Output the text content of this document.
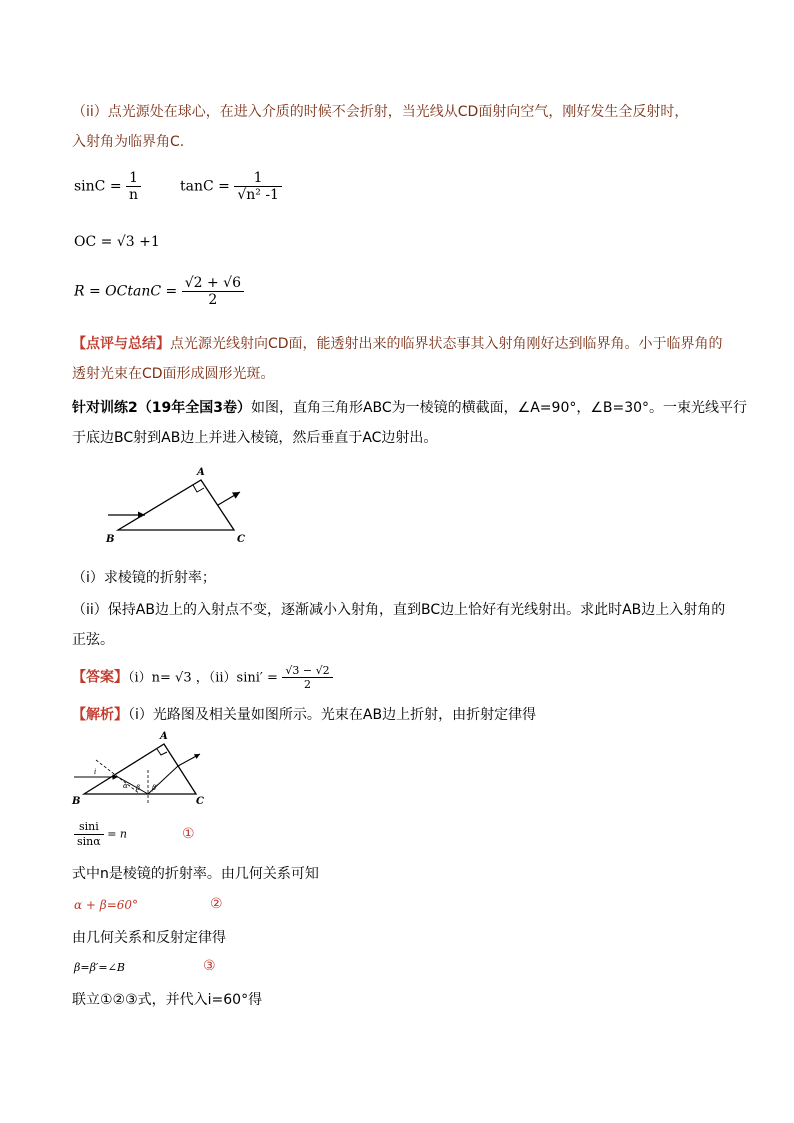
（ii）点光源处在球心，在进入介质的时候不会折射，当光线从CD面射向空气，刚好发生全反射时，
入射角为临界角C.
$\sin C = \frac{1}{n}$	$\tan C = \frac{1}{\text{√n² -1}}$
OC = √3 +1
$R = OCtanC = \frac{√2 + √6}{2}$
【点评与总结】点光源光线射向CD面，能透射出来的临界状态事其入射角刚好达到临界角。小于临界角的
透射光束在CD面形成圆形光斑。
针对训练2（19年全国3卷）如图，直角三角形ABC为一棱镜的横截面，∠A=90°，∠B=30°。一束光线平行
于底边BC射到AB边上并进入棱镜，然后垂直于AC边射出。
A
B	C
（i）求棱镜的折射率；
（ii）保持AB边上的入射点不变，逐渐减小入射角，直到BC边上恰好有光线射出。求此时AB边上入射角的
正弦。
【答案】（i）n= √3 ，$(ii)\sin i' = \frac{√3 - √2}{2}$
【解析】（i）光路图及相关量如图所示。光束在AB边上折射，由折射定律得
i
α β β′
A
B	C
$\frac{\sin i}{\sin\alpha} = n$	①
式中n是棱镜的折射率。由几何关系可知
α + β=60°	②
由几何关系和反射定律得
β=β′=∠B	③
联立①②③式，并代入i=60°得
